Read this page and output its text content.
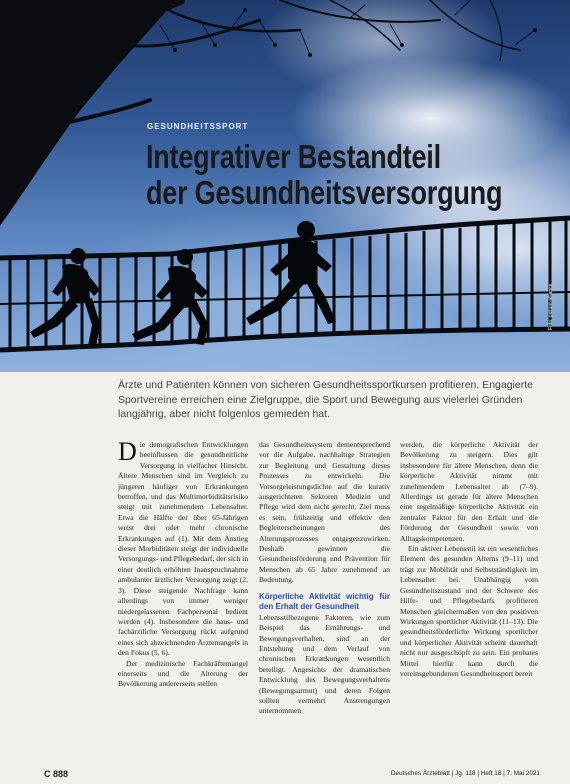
GESUNDHEITSSPORT

Integrativer Bestandteil
der Gesundheitsversorgung

Foto: picture-alliance

Ärzte und Patienten können von sicheren Gesundheitssportkursen profitieren. Engagierte Sportvereine erreichen eine Zielgruppe, die Sport und Bewegung aus vielerlei Gründen langjährig, aber nicht folgenlos gemieden hat.

Die demografischen Entwicklungen beeinflussen die gesundheitliche Versorgung in vielfacher Hinsicht. Ältere Menschen sind im Vergleich zu jüngeren häufiger von Erkrankungen betroffen, und das Multimorbiditätsrisiko steigt mit zunehmendem Lebensalter. Etwa die Hälfte der über 65-Jährigen weist drei oder mehr chronische Erkrankungen auf (1). Mit dem Anstieg dieser Morbiditäten steigt der individuelle Versorgungs- und Pflegebedarf, der sich in einer deutlich erhöhten Inanspruchnahme ambulanter ärztlicher Versorgung zeigt (2, 3). Diese steigende Nachfrage kann allerdings von immer weniger niedergelassenen Fachpersonal bedient werden (4). Insbesondere die haus- und fachärztliche Versorgung rückt aufgrund eines sich abzeichnenden Ärztemangels in den Fokus (5, 6).

Der medizinische Fachkräftemangel einerseits und die Alterung der Bevölkerung andererseits stellen

das Gesundheitssystem dementsprechend vor die Aufgabe, nachhaltige Strategien zur Begleitung und Gestaltung dieses Prozesses zu entwickeln. Die Vorsorgeleistungsdichte auf die kurativ ausgerichteten Sektoren Medizin und Pflege wird dem nicht gerecht. Ziel muss es sein, frühzeitig und effektiv den Begleiterscheinungen des Alterungsprozesses entgegenzuwirken. Deshalb gewinnen die Gesundheitsförderung und Prävention für Menschen ab 65 Jahre zunehmend an Bedeutung.

Körperliche Aktivität wichtig für den Erhalt der Gesundheit

Lebensstilbezogene Faktoren, wie zum Beispiel das Ernährungs- und Bewegungsverhalten, sind an der Entstehung und dem Verlauf von chronischen Erkrankungen wesentlich beteiligt. Angesichts der dramatischen Entwicklung des Bewegungsverhaltens (Bewegungsarmut) und deren Folgen sollten vermehrt Anstrengungen unternommen

werden, die körperliche Aktivität der Bevölkerung zu steigern. Dies gilt insbesondere für ältere Menschen, denn die körperliche Aktivität nimmt mit zunehmendem Lebensalter ab (7–9). Allerdings ist gerade für ältere Menschen eine regelmäßige körperliche Aktivität ein zentraler Faktor für den Erhalt und die Förderung der Gesundheit sowie von Alltagskompetenzen.

Ein aktiver Lebensstil ist ein wesentliches Element des gesunden Alterns (9–11) und trägt zur Mobilität und Selbstständigkeit im Lebensalter bei. Unabhängig vom Gesundheitszustand und der Schwere des Hilfe- und Pflegebedarfs profitieren Menschen gleichermaßen von den positiven Wirkungen sportlicher Aktivität (11–13). Die gesundheitsförderliche Wirkung sportlicher und körperlicher Aktivität scheint dauerhaft nicht nur ausgeschöpft zu sein. Ein probates Mittel hierfür kann durch die vereinsgebundenen Gesundheitssport bereit

C 888	Deutsches Ärzteblatt | Jg. 118 | Heft 18 | 7. Mai 2021
